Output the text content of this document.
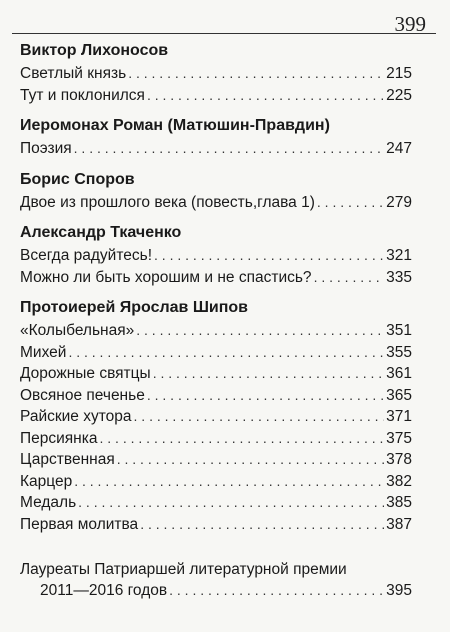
399
Виктор Лихоносов
Светлый князь . . .	215
Тут и поклонился . . .	225
Иеромонах Роман (Матюшин-Правдин)
Поэзия . . .	247
Борис Споров
Двое из прошлого века (повесть,глава 1) . . .	279
Александр Ткаченко
Всегда радуйтесь! . . .	321
Можно ли быть хорошим и не спастись? . . .	335
Протоиерей Ярослав Шипов
«Колыбельная» . . .	351
Михей . . .	355
Дорожные святцы . . .	361
Овсяное печенье . . .	365
Райские хутора . . .	371
Персиянка . . .	375
Царственная . . .	378
Карцер . . .	382
Медаль . . .	385
Первая молитва . . .	387
Лауреаты Патриаршей литературной премии
2011—2016 годов . . .	395
